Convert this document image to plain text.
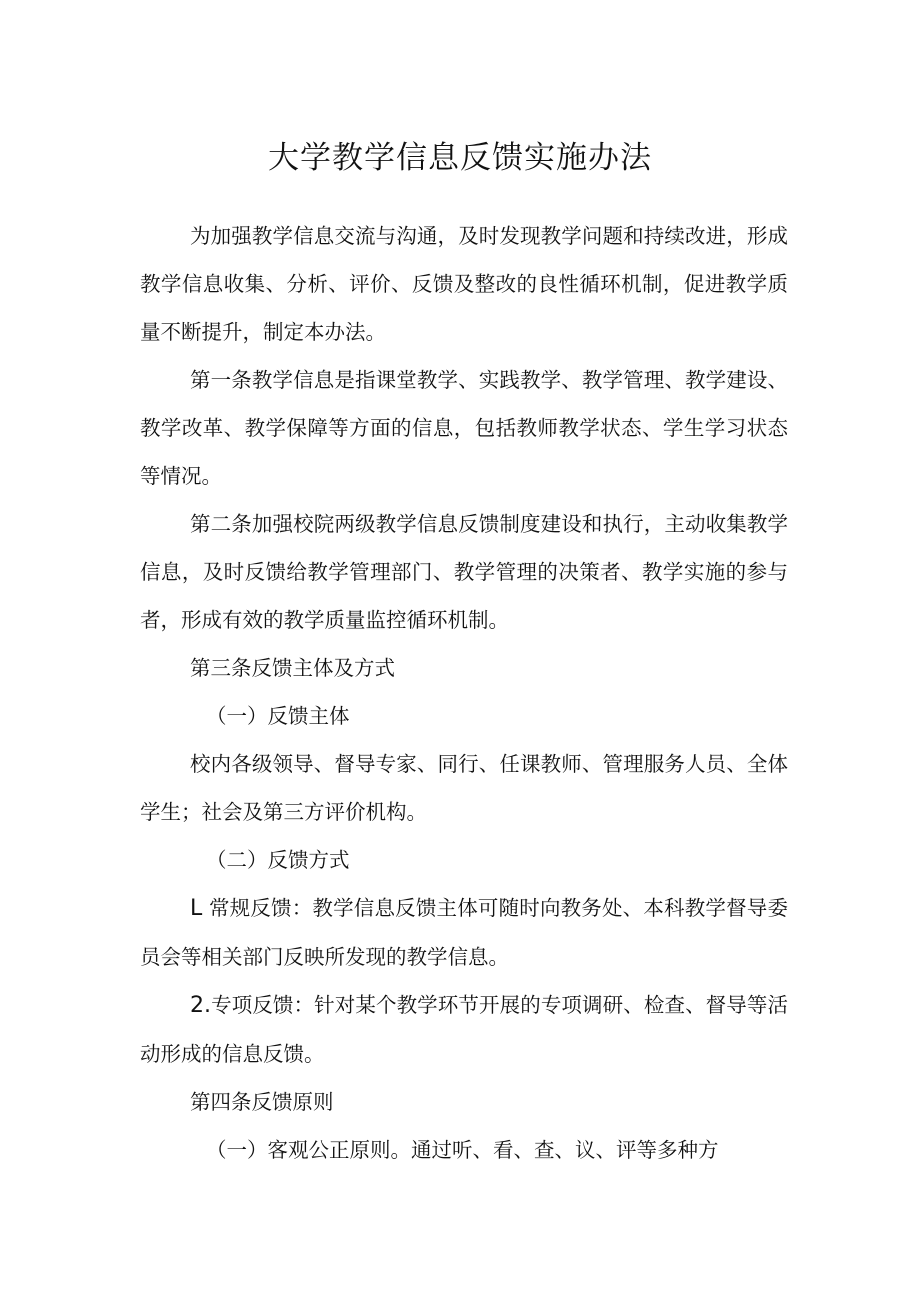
大学教学信息反馈实施办法

为加强教学信息交流与沟通，及时发现教学问题和持续改进，形成教学信息收集、分析、评价、反馈及整改的良性循环机制，促进教学质量不断提升，制定本办法。

第一条教学信息是指课堂教学、实践教学、教学管理、教学建设、教学改革、教学保障等方面的信息，包括教师教学状态、学生学习状态等情况。

第二条加强校院两级教学信息反馈制度建设和执行，主动收集教学信息，及时反馈给教学管理部门、教学管理的决策者、教学实施的参与者，形成有效的教学质量监控循环机制。

第三条反馈主体及方式

（一）反馈主体

校内各级领导、督导专家、同行、任课教师、管理服务人员、全体学生；社会及第三方评价机构。

（二）反馈方式

L 常规反馈：教学信息反馈主体可随时向教务处、本科教学督导委员会等相关部门反映所发现的教学信息。

2.专项反馈：针对某个教学环节开展的专项调研、检查、督导等活动形成的信息反馈。

第四条反馈原则

（一）客观公正原则。通过听、看、查、议、评等多种方
